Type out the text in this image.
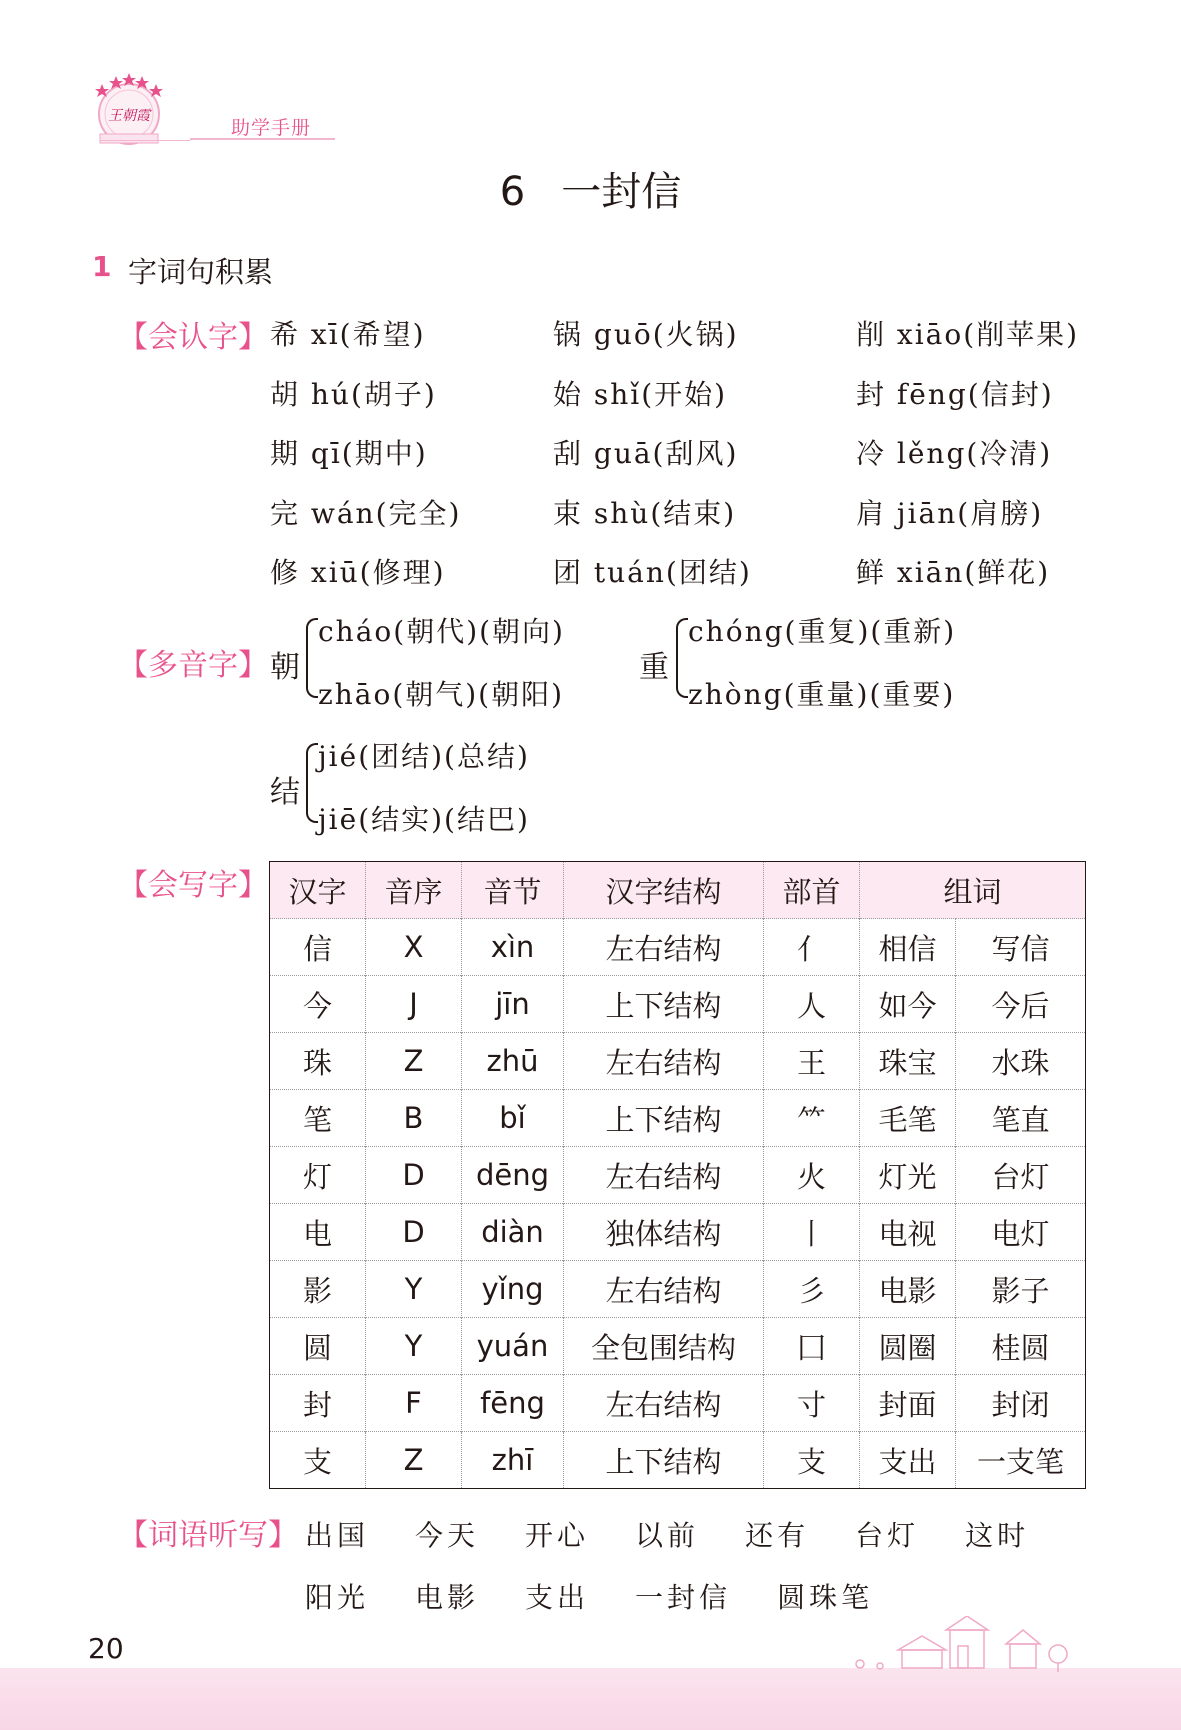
王朝霞
助学手册
6 一封信
1 字词句积累
【会认字】 希 xī(希望)	锅 guō(火锅)	削 xiāo(削苹果)
胡 hú(胡子)	始 shǐ(开始)	封 fēng(信封)
期 qī(期中)	刮 guā(刮风)	冷 lěng(冷清)
完 wán(完全)	束 shù(结束)	肩 jiān(肩膀)
修 xiū(修理)	团 tuán(团结)	鲜 xiān(鲜花)
【多音字】 朝
cháo(朝代)(朝向)
zhāo(朝气)(朝阳)
重
chóng(重复)(重新)
zhòng(重量)(重要)
结
jié(团结)(总结)
jiē(结实)(结巴)
【会写字】 汉字	音序	音节	汉字结构	部首	组词	
信	X	xìn	左右结构	亻	相信	写信
今	J	jīn	上下结构	人	如今	今后
珠	Z	zhū	左右结构	王	珠宝	水珠
笔	B	bǐ	上下结构	⺮	毛笔	笔直
灯	D	dēng	左右结构	火	灯光	台灯
电	D	diàn	独体结构	丨	电视	电灯
影	Y	yǐng	左右结构	彡	电影	影子
圆	Y	yuán	全包围结构	囗	圆圈	桂圆
封	F	fēng	左右结构	寸	封面	封闭
支	Z	zhī	上下结构	支	支出	一支笔
【词语听写】 出国 今天 开心 以前 还有 台灯 这时
阳光 电影 支出 一封信 圆珠笔
20
